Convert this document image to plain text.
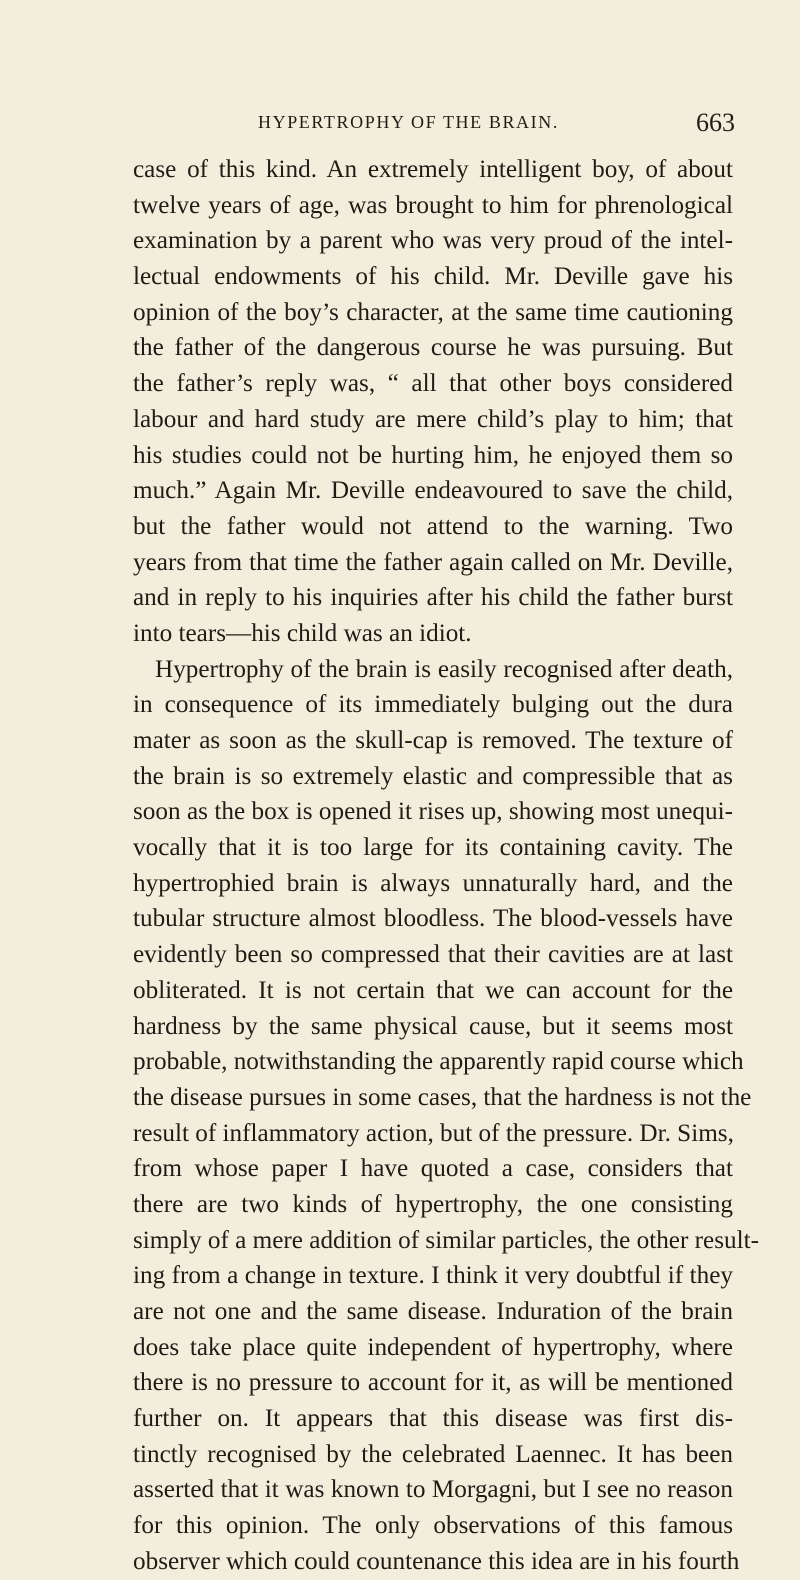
HYPERTROPHY OF THE BRAIN.	663
case of this kind. An extremely intelligent boy, of about
twelve years of age, was brought to him for phrenological
examination by a parent who was very proud of the intel-
lectual endowments of his child. Mr. Deville gave his
opinion of the boy’s character, at the same time cautioning
the father of the dangerous course he was pursuing. But
the father’s reply was, “ all that other boys considered
labour and hard study are mere child’s play to him; that
his studies could not be hurting him, he enjoyed them so
much.” Again Mr. Deville endeavoured to save the child,
but the father would not attend to the warning. Two
years from that time the father again called on Mr. Deville,
and in reply to his inquiries after his child the father burst
into tears—his child was an idiot.
Hypertrophy of the brain is easily recognised after death,
in consequence of its immediately bulging out the dura
mater as soon as the skull-cap is removed. The texture of
the brain is so extremely elastic and compressible that as
soon as the box is opened it rises up, showing most unequi-
vocally that it is too large for its containing cavity. The
hypertrophied brain is always unnaturally hard, and the
tubular structure almost bloodless. The blood-vessels have
evidently been so compressed that their cavities are at last
obliterated. It is not certain that we can account for the
hardness by the same physical cause, but it seems most
probable, notwithstanding the apparently rapid course which
the disease pursues in some cases, that the hardness is not the
result of inflammatory action, but of the pressure. Dr. Sims,
from whose paper I have quoted a case, considers that
there are two kinds of hypertrophy, the one consisting
simply of a mere addition of similar particles, the other result-
ing from a change in texture. I think it very doubtful if they
are not one and the same disease. Induration of the brain
does take place quite independent of hypertrophy, where
there is no pressure to account for it, as will be mentioned
further on. It appears that this disease was first dis-
tinctly recognised by the celebrated Laennec. It has been
asserted that it was known to Morgagni, but I see no reason
for this opinion. The only observations of this famous
observer which could countenance this idea are in his fourth
